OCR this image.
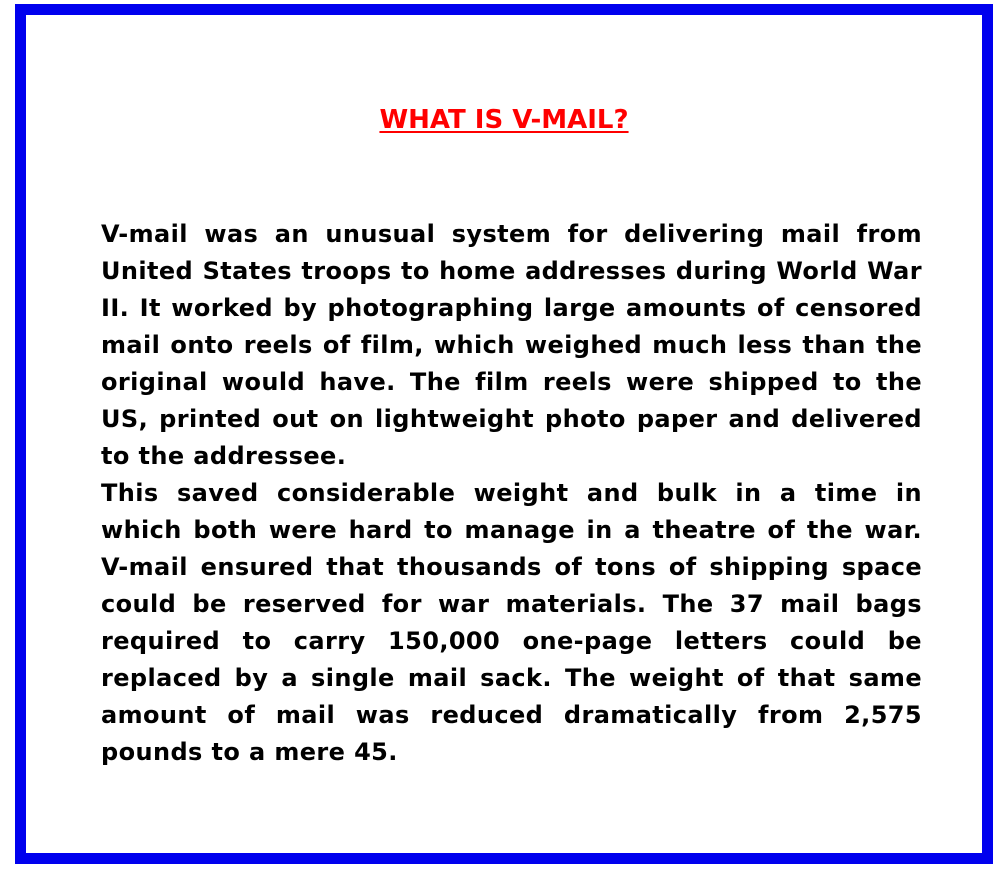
WHAT IS V-MAIL?

V-mail was an unusual system for delivering mail from United States troops to home addresses during World War II. It worked by photographing large amounts of censored mail onto reels of film, which weighed much less than the original would have. The film reels were shipped to the US, printed out on lightweight photo paper and delivered to the addressee.

This saved considerable weight and bulk in a time in which both were hard to manage in a theatre of the war. V-mail ensured that thousands of tons of shipping space could be reserved for war materials. The 37 mail bags required to carry 150,000 one-page letters could be replaced by a single mail sack. The weight of that same amount of mail was reduced dramatically from 2,575 pounds to a mere 45.
